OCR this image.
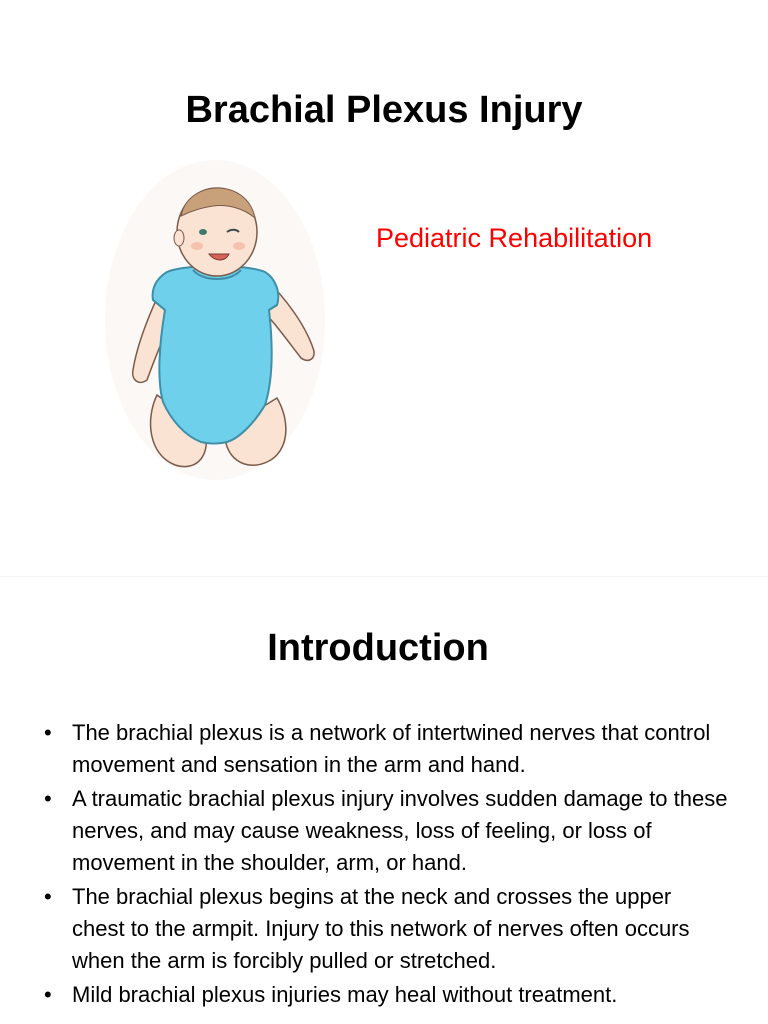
Brachial Plexus Injury

Pediatric Rehabilitation

Introduction
• The brachial plexus is a network of intertwined nerves that control movement and sensation in the arm and hand.
• A traumatic brachial plexus injury involves sudden damage to these nerves, and may cause weakness, loss of feeling, or loss of movement in the shoulder, arm, or hand.
• The brachial plexus begins at the neck and crosses the upper chest to the armpit. Injury to this network of nerves often occurs when the arm is forcibly pulled or stretched.
• Mild brachial plexus injuries may heal without treatment.
